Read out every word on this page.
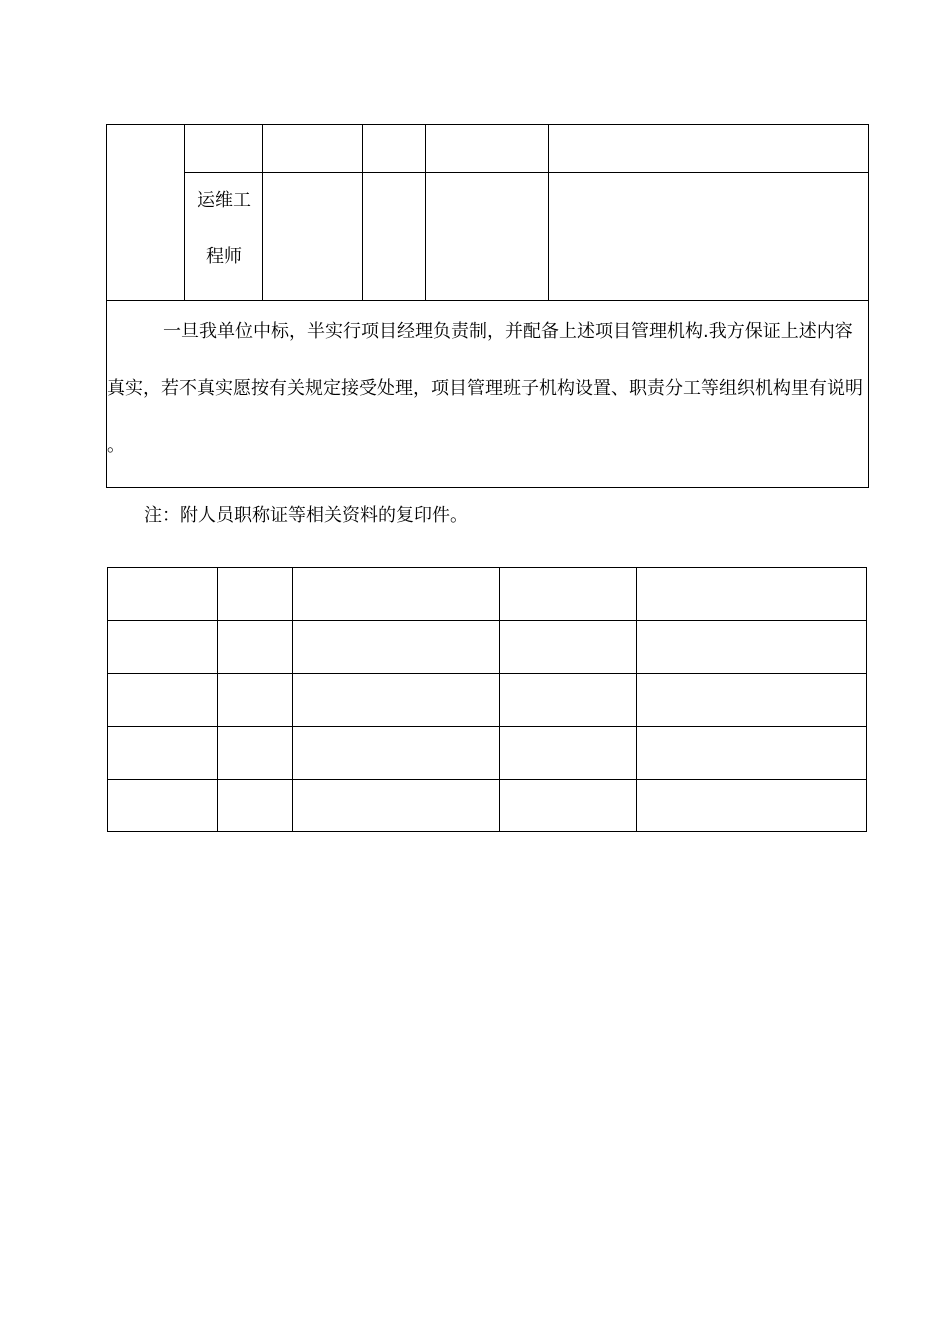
运维工
程师

一旦我单位中标，半实行项目经理负责制，并配备上述项目管理机构.我方保证上述内容真实，若不真实愿按有关规定接受处理，项目管理班子机构设置、职责分工等组织机构里有说明 。

注：附人员职称证等相关资料的复印件。
